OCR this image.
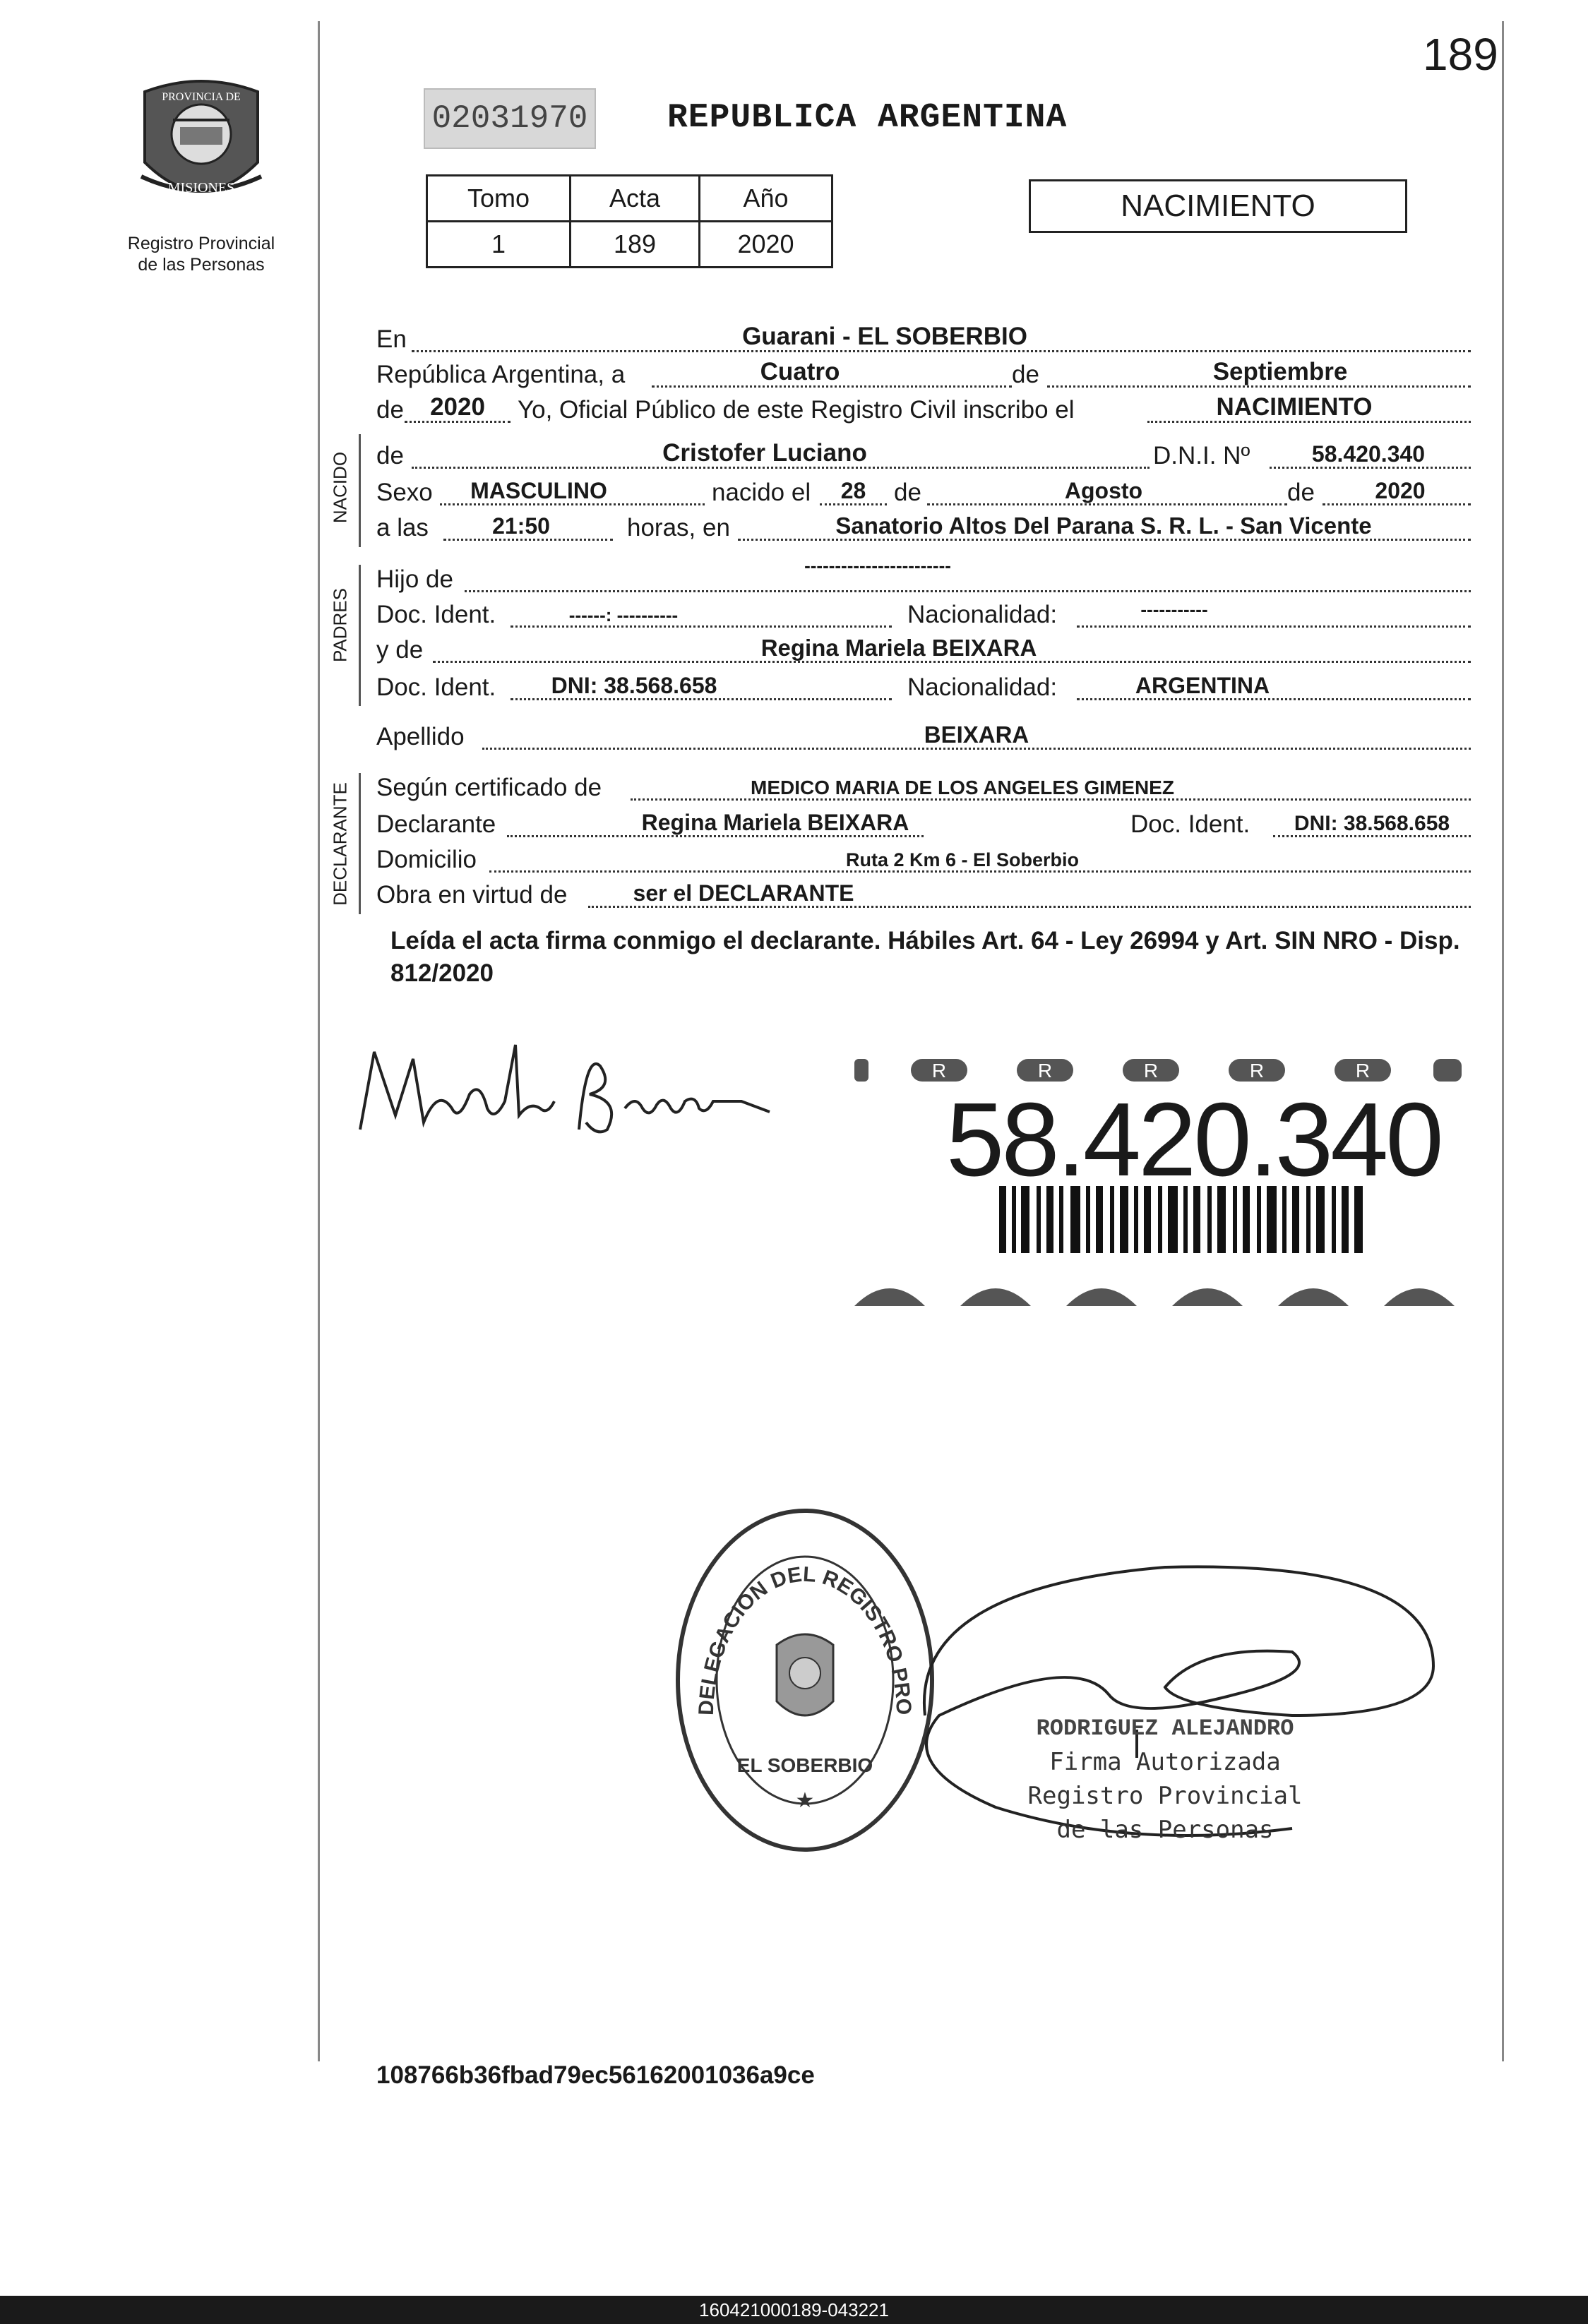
189
PROVINCIA DE
MISIONES
Registro Provincial
de las Personas
02031970 REPUBLICA ARGENTINA
Tomo	Acta	Año
1	189	2020
NACIMIENTO
En	Guarani - EL SOBERBIO
República Argentina, a	Cuatro	de	Septiembre
de	2020	Yo, Oficial Público de este Registro Civil inscribo el	NACIMIENTO
NACIDO de	Cristofer Luciano	D.N.I. Nº	58.420.340
Sexo	MASCULINO	nacido el	28	de	Agosto	de	2020
a las	21:50	horas, en	Sanatorio Altos Del Parana S. R. L. - San Vicente
PADRES
Hijo de	------------------------
Doc. Ident.	------: ----------	Nacionalidad:	-----------
y de	Regina Mariela BEIXARA
Doc. Ident.	DNI: 38.568.658	Nacionalidad:	ARGENTINA
Apellido	BEIXARA
DECLARANTE Según certificado de	MEDICO MARIA DE LOS ANGELES GIMENEZ
Declarante	Regina Mariela BEIXARA	Doc. Ident.	DNI: 38.568.658
Domicilio	Ruta 2 Km 6 - El Soberbio
Obra en virtud de	ser el DECLARANTE
Leída el acta firma conmigo el declarante. Hábiles Art. 64 - Ley 26994 y Art. SIN NRO - Disp. 812/2020
R	R	R	R	R
58.420.340
DELEGACION DEL REGISTRO PRO
EL SOBERBIO
★
RODRIGUEZ ALEJANDRO
Firma Autorizada
Registro Provincial
de las Personas
108766b36fbad79ec56162001036a9ce
160421000189-043221
